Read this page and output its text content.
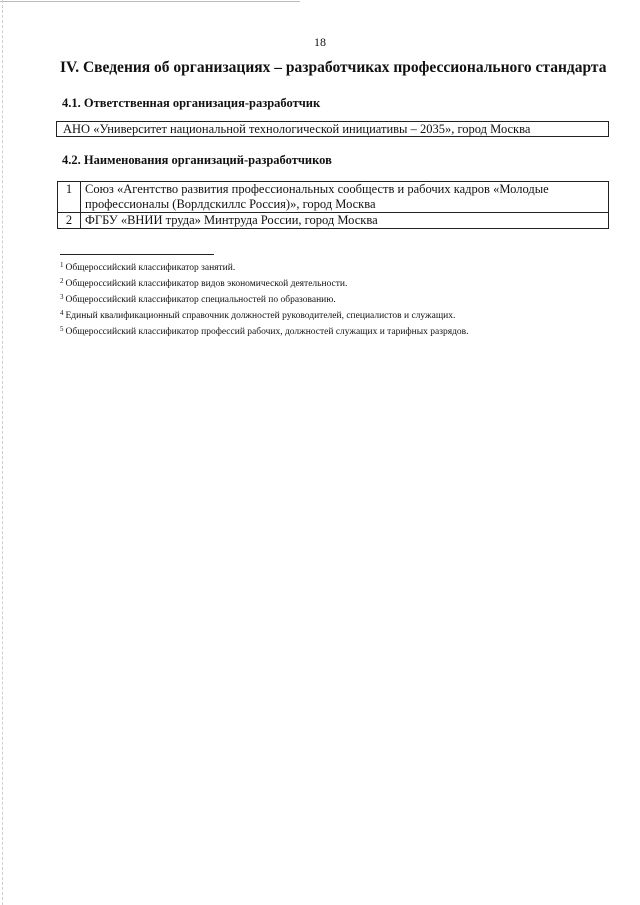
18
IV. Сведения об организациях – разработчиках профессионального стандарта
4.1. Ответственная организация-разработчик
АНО «Университет национальной технологической инициативы – 2035», город Москва
4.2. Наименования организаций-разработчиков
1	Союз «Агентство развития профессиональных сообществ и рабочих кадров «Молодые профессионалы (Ворлдскиллс Россия)», город Москва
2	ФГБУ «ВНИИ труда» Минтруда России, город Москва
$^1$ Общероссийский классификатор занятий.
$^2$ Общероссийский классификатор видов экономической деятельности.
$^3$ Общероссийский классификатор специальностей по образованию.
$^4$ Единый квалификационный справочник должностей руководителей, специалистов и служащих.
$^5$ Общероссийский классификатор профессий рабочих, должностей служащих и тарифных разрядов.
